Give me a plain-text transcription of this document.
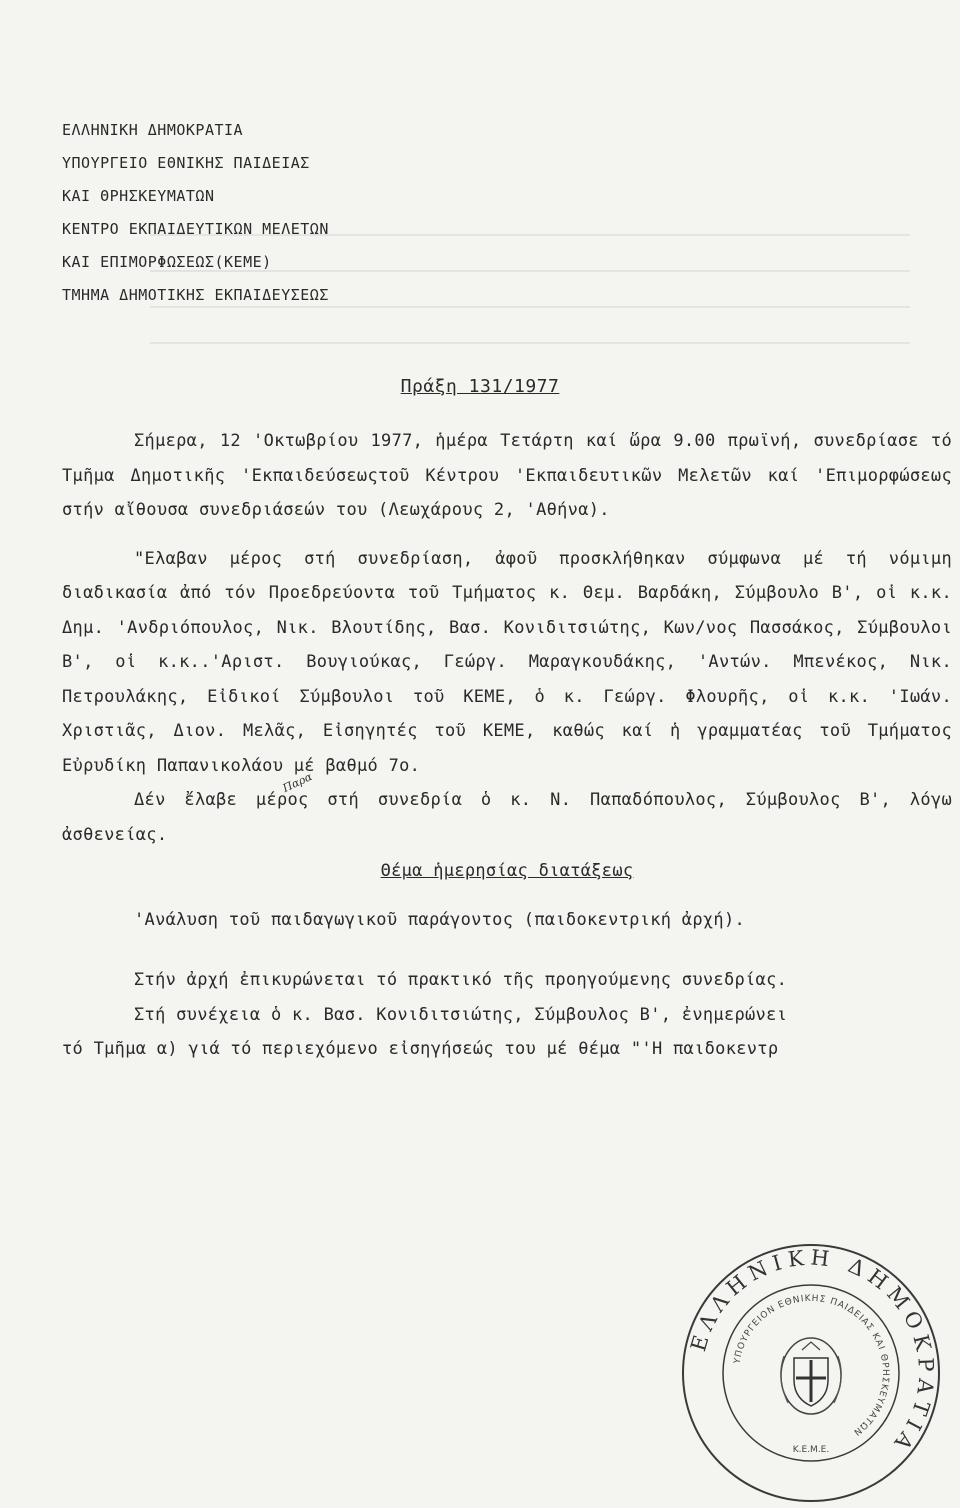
ΕΛΛΗΝΙΚΗ ΔΗΜΟΚΡΑΤΙΑ
ΥΠΟΥΡΓΕΙΟ ΕΘΝΙΚΗΣ ΠΑΙΔΕΙΑΣ
ΚΑΙ ΘΡΗΣΚΕΥΜΑΤΩΝ
ΚΕΝΤΡΟ ΕΚΠΑΙΔΕΥΤΙΚΩΝ ΜΕΛΕΤΩΝ
ΚΑΙ ΕΠΙΜΟΡΦΩΣΕΩΣ(ΚΕΜΕ)
ΤΜΗΜΑ ΔΗΜΟΤΙΚΗΣ ΕΚΠΑΙΔΕΥΣΕΩΣ
Πράξη 131/1977

Σήμερα, 12 'Οκτωβρίου 1977, ἡμέρα Τετάρτη καί ὥρα 9.00 πρωϊνή, συνεδρίασε τό Τμῆμα Δημοτικῆς 'Εκπαιδεύσεωςτοῦ Κέντρου 'Εκπαιδευτικῶν Μελετῶν καί 'Επιμορφώσεως στήν αἴθουσα συνεδριάσεών του (Λεωχάρους 2, 'Αθήνα).

"Ελαβαν μέρος στή συνεδρίαση, ἀφοῦ προσκλήθηκαν σύμφωνα μέ τή νόμιμη διαδικασία ἀπό τόν Προεδρεύοντα τοῦ Τμήματος κ. Θεμ. Βαρδάκη, Σύμβουλο Β', οἱ κ.κ. Δημ. 'Ανδριόπουλος, Νικ. Βλουτίδης, Βασ. Κονιδιτσιώτης, Κων/νος Πασσάκος, Σύμβουλοι Β', οἱ κ.κ..'Αριστ. Βουγιούκας, Γεώργ. Μαραγκουδάκης, 'Αντών. Μπενέκος, Νικ. Πετρουλάκης, Εἰδικοί Σύμβουλοι τοῦ ΚΕΜΕ, ὁ κ. Γεώργ. Φλουρῆς, οἱ κ.κ. 'Ιωάν. Χριστιᾶς, Διον. Μελᾶς, Εἰσηγητές τοῦ ΚΕΜΕ, καθώς καί ἡ γραμματέας τοῦ Τμήματος Εὐρυδίκη Παπανικολάου μέ βαθμό 7ο.

Δέν ἔλαβε μέρος στή συνεδρία ὁ κ. Ν. Παπαδόπουλος, Σύμβουλος Β', λόγω ἀσθενείας.

Θέμα ἡμερησίας διατάξεως

'Ανάλυση τοῦ παιδαγωγικοῦ παράγοντος (παιδοκεντρική ἀρχή).

Στήν ἀρχή ἐπικυρώνεται τό πρακτικό τῆς προηγούμενης συνεδρίας.

Στή συνέχεια ὁ κ. Βασ. Κονιδιτσιώτης, Σύμβουλος Β', ἐνημερώνει

τό Τμῆμα α) γιά τό περιεχόμενο εἰσηγήσεώς του μέ θέμα "'Η παιδοκεντρ

Παρα
ΕΛΛΗΝΙΚΗ ΔΗΜΟΚΡΑΤΙΑ
ΥΠΟΥΡΓΕΙΟΝ ΕΘΝΙΚΗΣ ΠΑΙΔΕΙΑΣ ΚΑΙ ΘΡΗΣΚΕΥΜΑΤΩΝ
Κ.Ε.Μ.Ε.
